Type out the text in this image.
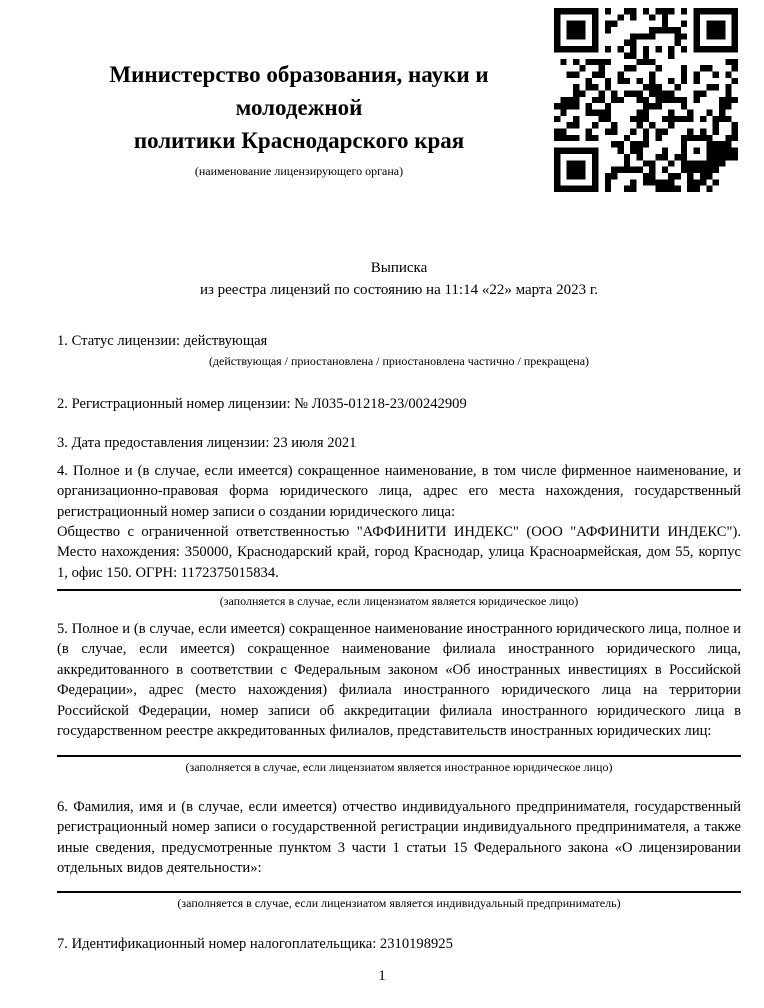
Министерство образования, науки и молодежной
политики Краснодарского края
(наименование лицензирующего органа)
Выписка
из реестра лицензий по состоянию на 11:14 «22» марта 2023 г.
1. Статус лицензии: действующая
(действующая / приостановлена / приостановлена частично / прекращена)
2. Регистрационный номер лицензии: № Л035-01218-23/00242909
3. Дата предоставления лицензии: 23 июля 2021
4. Полное и (в случае, если имеется) сокращенное наименование, в том числе фирменное наименование, и организационно-правовая форма юридического лица, адрес его места нахождения, государственный регистрационный номер записи о создании юридического лица:
Общество с ограниченной ответственностью "АФФИНИТИ ИНДЕКС" (ООО "АФФИНИТИ ИНДЕКС"). Место нахождения: 350000, Краснодарский край, город Краснодар, улица Красноармейская, дом 55, корпус 1, офис 150. ОГРН: 1172375015834.
(заполняется в случае, если лицензиатом является юридическое лицо)
5. Полное и (в случае, если имеется) сокращенное наименование иностранного юридического лица, полное и (в случае, если имеется) сокращенное наименование филиала иностранного юридического лица, аккредитованного в соответствии с Федеральным законом «Об иностранных инвестициях в Российской Федерации», адрес (место нахождения) филиала иностранного юридического лица на территории Российской Федерации, номер записи об аккредитации филиала иностранного юридического лица в государственном реестре аккредитованных филиалов, представительств иностранных юридических лиц:
(заполняется в случае, если лицензиатом является иностранное юридическое лицо)
6. Фамилия, имя и (в случае, если имеется) отчество индивидуального предпринимателя, государственный регистрационный номер записи о государственной регистрации индивидуального предпринимателя, а также иные сведения, предусмотренные пунктом 3 части 1 статьи 15 Федерального закона «О лицензировании отдельных видов деятельности»:
(заполняется в случае, если лицензиатом является индивидуальный предприниматель)
7. Идентификационный номер налогоплательщика: 2310198925
1
